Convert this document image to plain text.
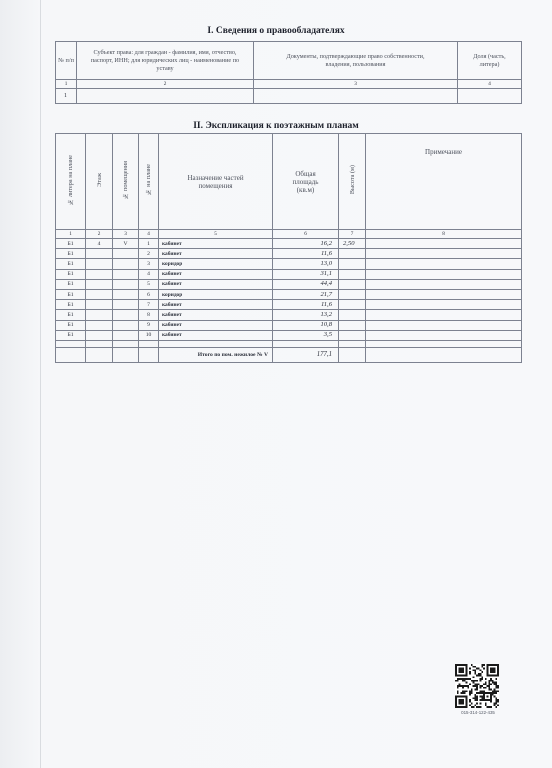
I. Сведения о правообладателях
№ п/п	Субъект права: для граждан - фамилия, имя, отчество, паспорт, ИНН; для юридических лиц - наименование по уставу	Документы, подтверждающие право собственности, владения, пользования	Доля (часть, литера)
1	2	3	4
1			
II. Экспликация к поэтажным планам
№ литера на плане	Этаж	№ помещения	№ на плане	Назначение частей помещения	Общая площадь (кв.м)	Высота (м)	Примечание
1	2	3	4	5	6	7	8
Б1	4	V	1	кабинет	16,2	2,50	
Б1			2	кабинет	11,6		
Б1			3	коридор	13,0		
Б1			4	кабинет	31,1		
Б1			5	кабинет	44,4		
Б1			6	коридор	21,7		
Б1			7	кабинет	11,6		
Б1			8	кабинет	13,2		
Б1			9	кабинет	10,8		
Б1			10	кабинет	3,5		

				Итого по пом. нежилое № V	177,1		
015-314-122-435
